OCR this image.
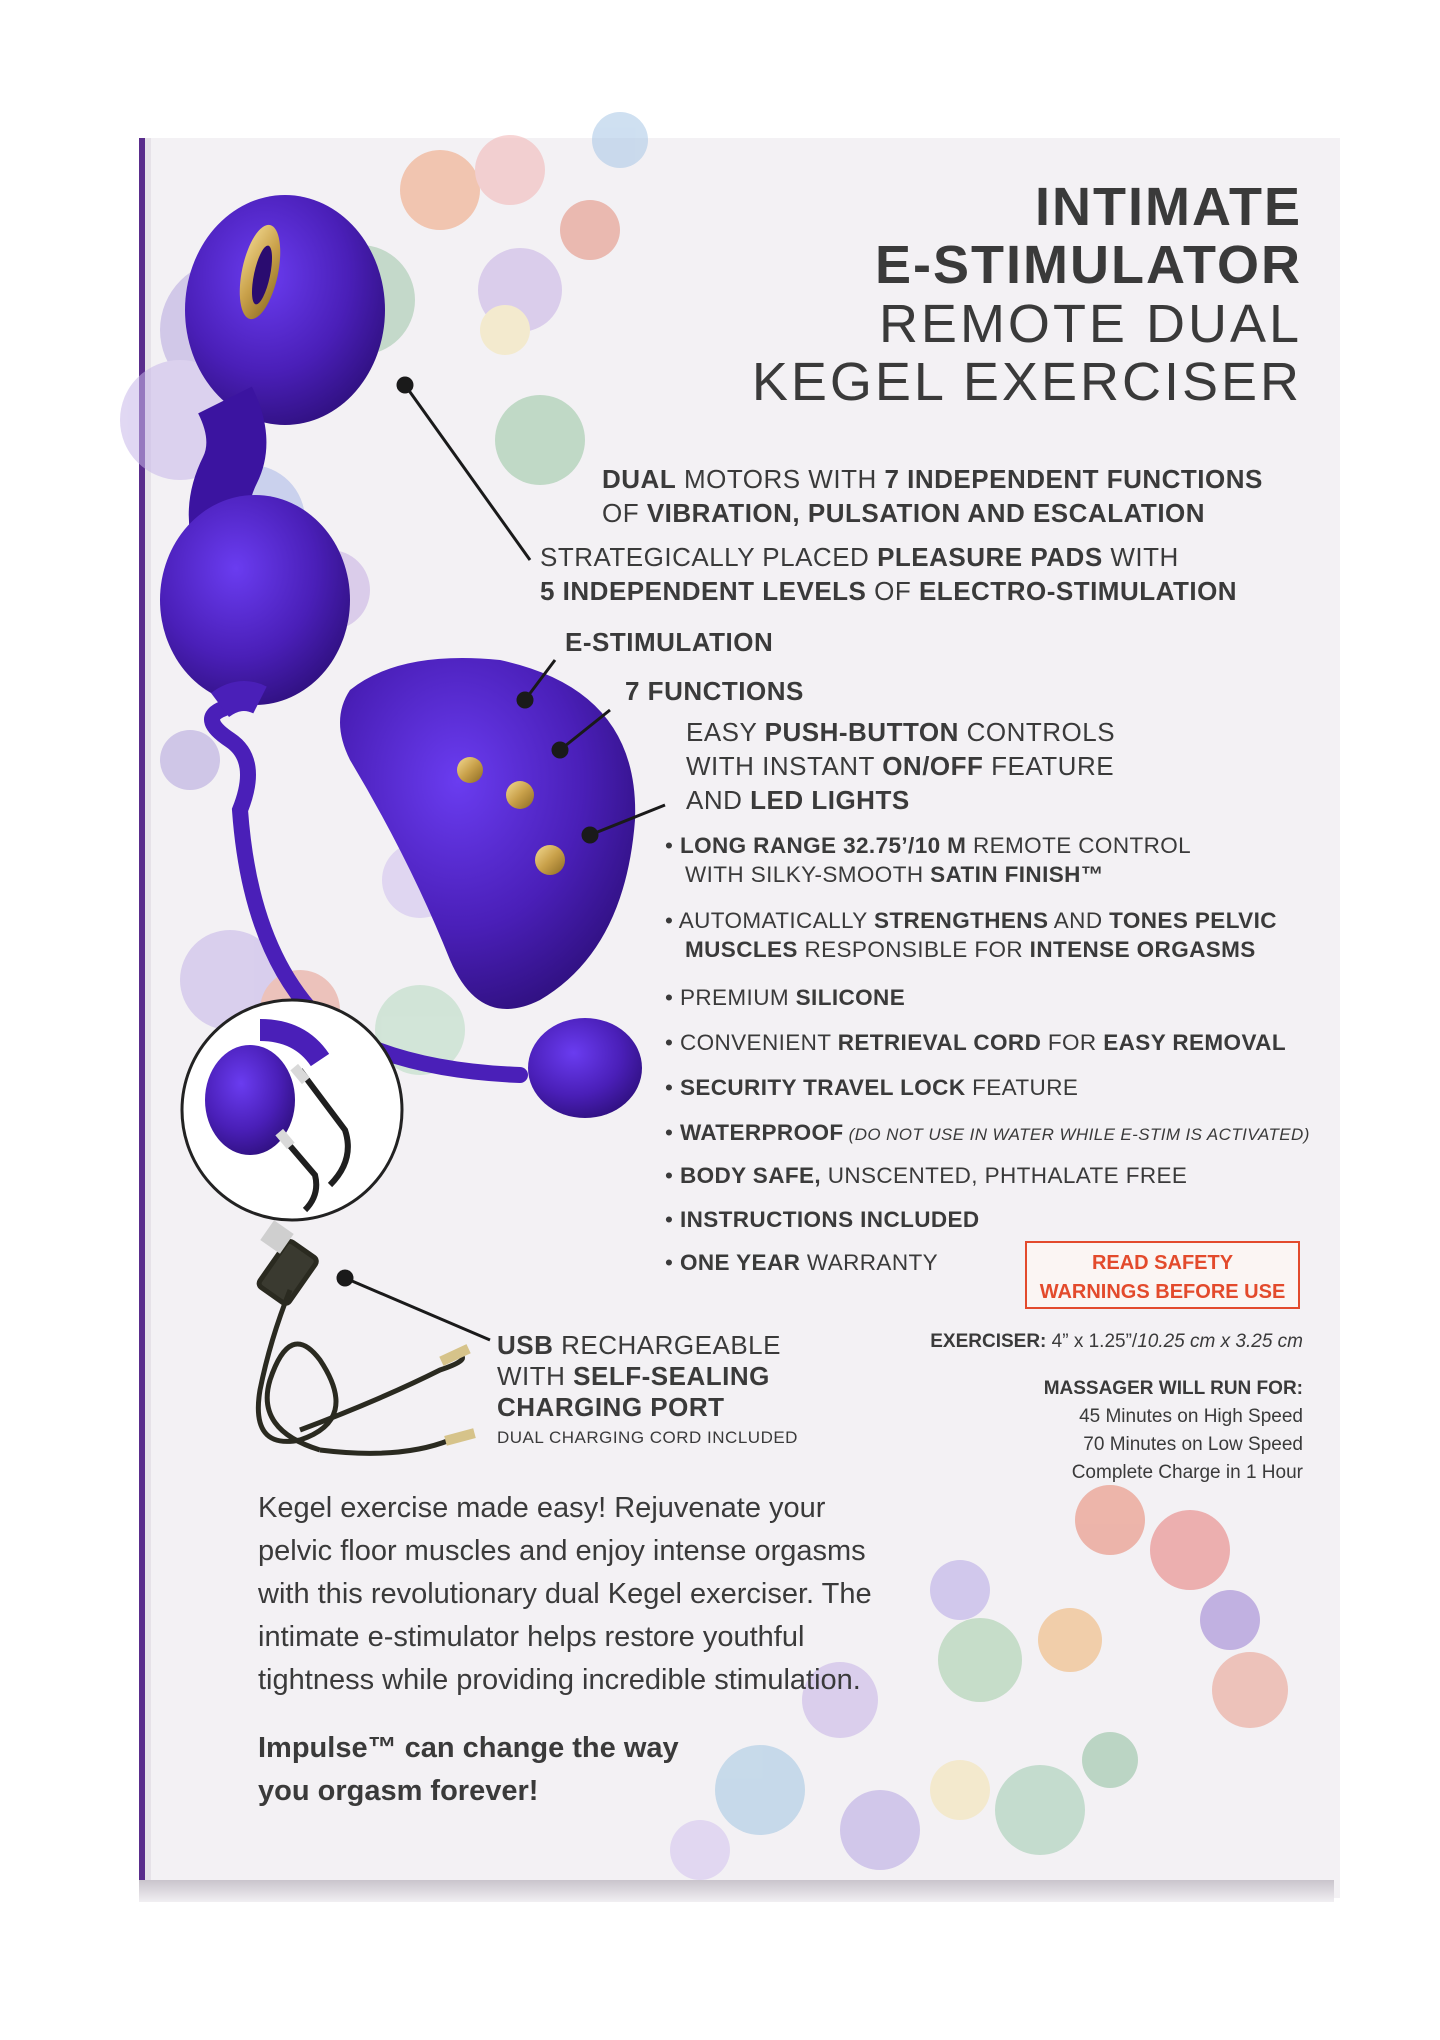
INTIMATE
E-STIMULATOR
REMOTE DUAL
KEGEL EXERCISER
DUAL MOTORS WITH 7 INDEPENDENT FUNCTIONS
OF VIBRATION, PULSATION AND ESCALATION
STRATEGICALLY PLACED PLEASURE PADS WITH
5 INDEPENDENT LEVELS OF ELECTRO-STIMULATION
E-STIMULATION
7 FUNCTIONS
EASY PUSH-BUTTON CONTROLS
WITH INSTANT ON/OFF FEATURE
AND LED LIGHTS
• LONG RANGE 32.75’/10 M REMOTE CONTROL
WITH SILKY-SMOOTH SATIN FINISH™
• AUTOMATICALLY STRENGTHENS AND TONES PELVIC
MUSCLES RESPONSIBLE FOR INTENSE ORGASMS
• PREMIUM SILICONE
• CONVENIENT RETRIEVAL CORD FOR EASY REMOVAL
• SECURITY TRAVEL LOCK FEATURE
• WATERPROOF (DO NOT USE IN WATER WHILE E-STIM IS ACTIVATED)
• BODY SAFE, UNSCENTED, PHTHALATE FREE
• INSTRUCTIONS INCLUDED
• ONE YEAR WARRANTY	READ SAFETY
WARNINGS BEFORE USE
EXERCISER: 4” x 1.25”/10.25 cm x 3.25 cm
MASSAGER WILL RUN FOR:
45 Minutes on High Speed
70 Minutes on Low Speed
Complete Charge in 1 Hour
USB RECHARGEABLE
WITH SELF-SEALING
CHARGING PORT
DUAL CHARGING CORD INCLUDED
Kegel exercise made easy! Rejuvenate your
pelvic floor muscles and enjoy intense orgasms
with this revolutionary dual Kegel exerciser. The
intimate e-stimulator helps restore youthful
tightness while providing incredible stimulation.
Impulse™ can change the way
you orgasm forever!
